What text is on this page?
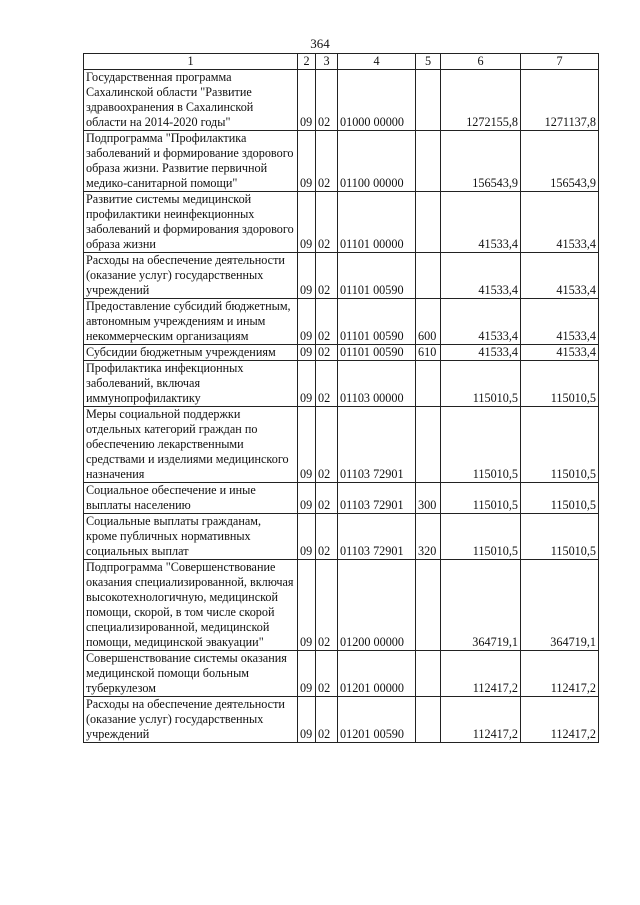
364
1	2	3	4	5	6	7
Государственная программа Сахалинской области "Развитие здравоохранения в Сахалинской области на 2014-2020 годы"	09	02	01000 00000		1272155,8	1271137,8
Подпрограмма "Профилактика заболеваний и формирование здорового образа жизни. Развитие первичной медико-санитарной помощи"	09	02	01100 00000		156543,9	156543,9
Развитие системы медицинской профилактики неинфекционных заболеваний и формирования здорового образа жизни	09	02	01101 00000		41533,4	41533,4
Расходы на обеспечение деятельности (оказание услуг) государственных учреждений	09	02	01101 00590		41533,4	41533,4
Предоставление субсидий бюджетным, автономным учреждениям и иным некоммерческим организациям	09	02	01101 00590	600	41533,4	41533,4
Субсидии бюджетным учреждениям	09	02	01101 00590	610	41533,4	41533,4
Профилактика инфекционных заболеваний, включая иммунопрофилактику	09	02	01103 00000		115010,5	115010,5
Меры социальной поддержки отдельных категорий граждан по обеспечению лекарственными средствами и изделиями медицинского назначения	09	02	01103 72901		115010,5	115010,5
Социальное обеспечение и иные выплаты населению	09	02	01103 72901	300	115010,5	115010,5
Социальные выплаты гражданам, кроме публичных нормативных социальных выплат	09	02	01103 72901	320	115010,5	115010,5
Подпрограмма "Совершенствование оказания специализированной, включая высокотехнологичную, медицинской помощи, скорой, в том числе скорой специализированной, медицинской помощи, медицинской эвакуации"	09	02	01200 00000		364719,1	364719,1
Совершенствование системы оказания медицинской помощи больным туберкулезом	09	02	01201 00000		112417,2	112417,2
Расходы на обеспечение деятельности (оказание услуг) государственных учреждений	09	02	01201 00590		112417,2	112417,2
